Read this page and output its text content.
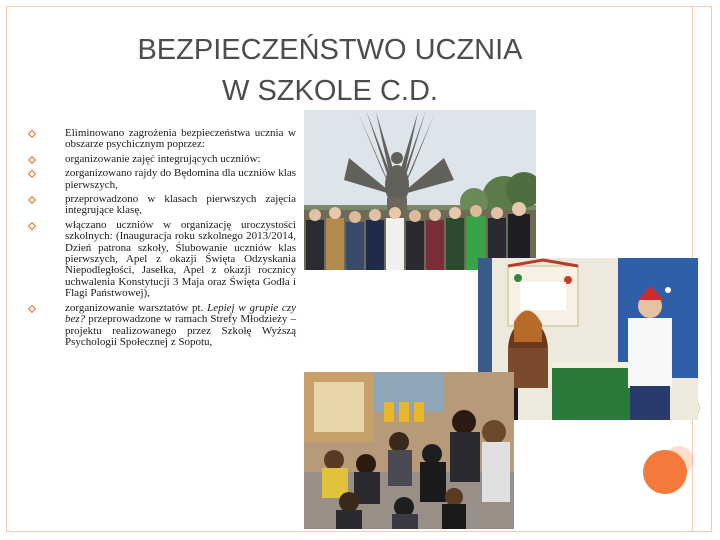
BEZPIECZEŃSTWO UCZNIA
W SZKOLE C.D.
Eliminowano zagrożenia bezpieczeństwa ucznia w obszarze psychicznym poprzez:
organizowanie zajęć integrujących uczniów:
zorganizowano rajdy do Będomina dla uczniów klas pierwszych,
przeprowadzono w klasach pierwszych zajęcia integrujące klasę,
włączano uczniów w organizację uroczystości szkolnych: (Inauguracja roku szkolnego 2013/2014, Dzień patrona szkoły, Ślubowanie uczniów klas pierwszych, Apel z okazji Święta Odzyskania Niepodległości, Jasełka, Apel z okazji rocznicy uchwalenia Konstytucji 3 Maja oraz Święta Godła i Flagi Państwowej),
zorganizowanie warsztatów pt. Lepiej w grupie czy bez? przeprowadzone w ramach Strefy Młodzieży – projektu realizowanego przez Szkołę Wyższą Psychologii Społecznej z Sopotu,
